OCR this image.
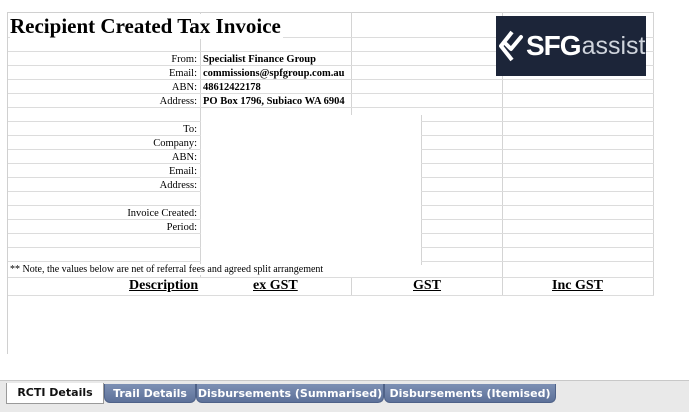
Recipient Created Tax Invoice
From: Specialist Finance Group
Email: commissions@spfgroup.com.au
ABN: 48612422178
Address: PO Box 1796, Subiaco WA 6904
To:
Company:
ABN:
Email:
Address:
Invoice Created:
Period:
** Note, the values below are net of referral fees and agreed split arrangement
Description	ex GST	GST	Inc GST
SFG assist
RCTI Details	Trail Details Disbursements (Summarised) Disbursements (Itemised)
